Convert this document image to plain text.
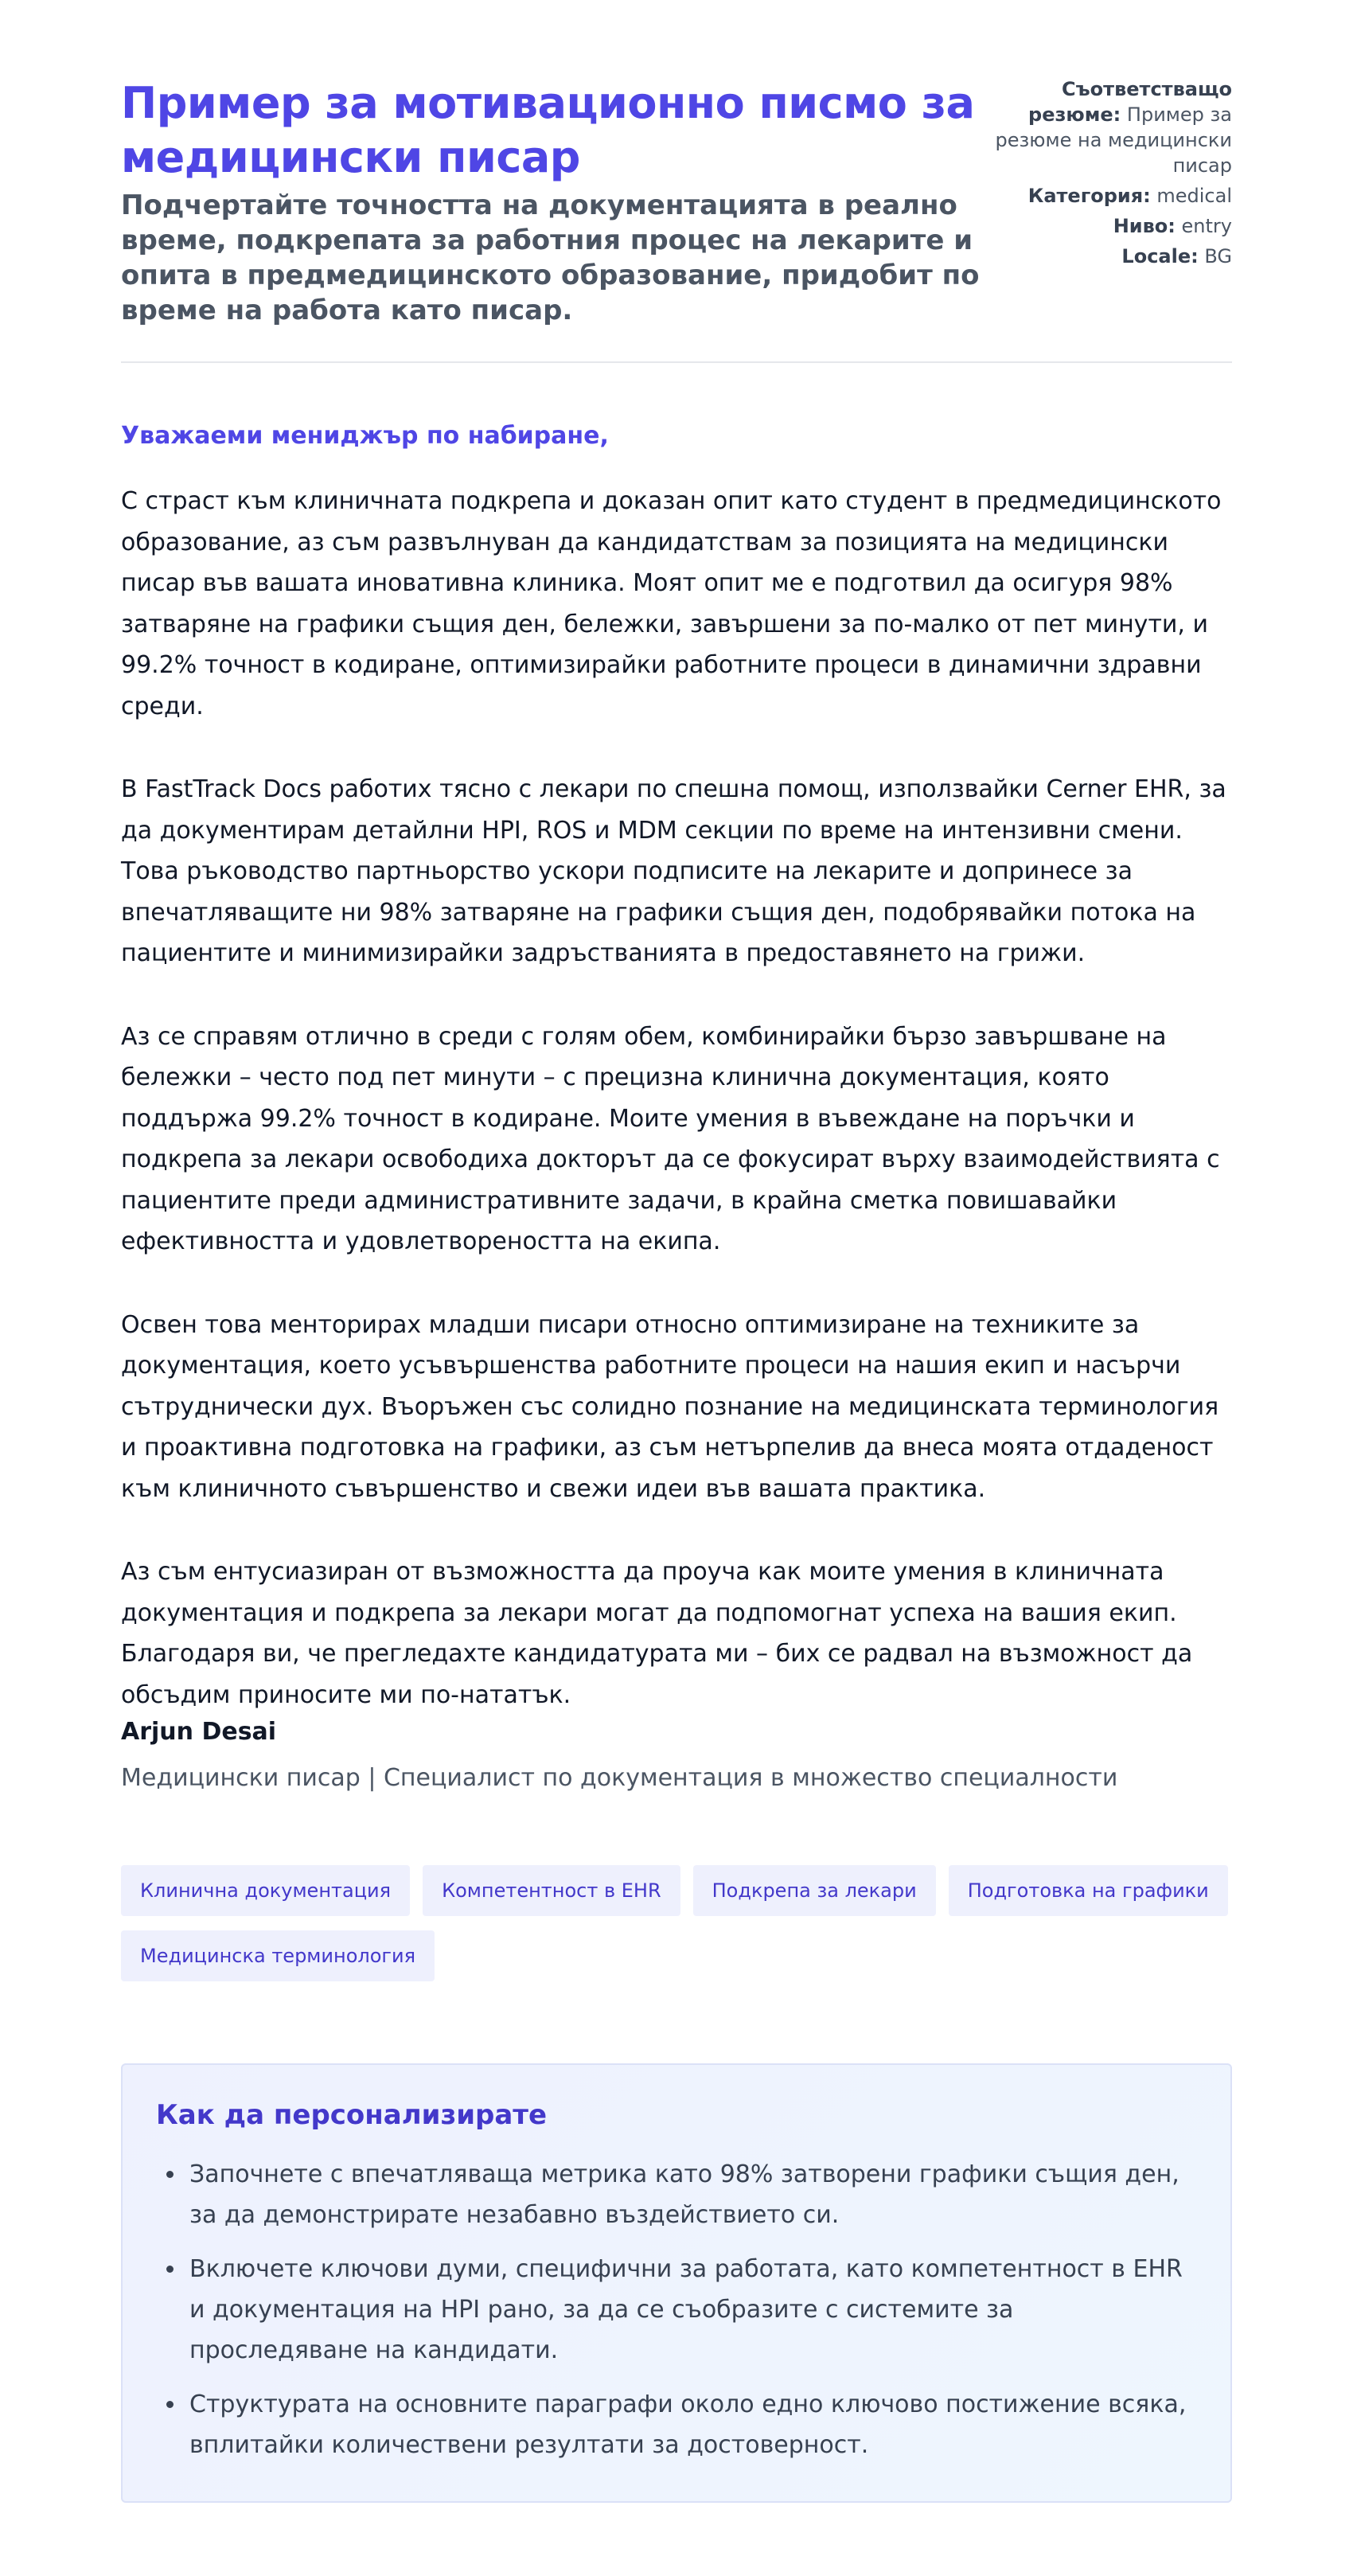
Пример за мотивационно писмо за медицински писар

Подчертайте точността на документацията в реално време, подкрепата за работния процес на лекарите и опита в предмедицинското образование, придобит по време на работа като писар.

Съответстващо резюме: Пример за резюме на медицински писар
Категория: medical
Ниво: entry
Locale: BG

Уважаеми мениджър по набиране,

С страст към клиничната подкрепа и доказан опит като студент в предмедицинското образование, аз съм развълнуван да кандидатствам за позицията на медицински писар във вашата иновативна клиника. Моят опит ме е подготвил да осигуря 98% затваряне на графики същия ден, бележки, завършени за по-малко от пет минути, и 99.2% точност в кодиране, оптимизирайки работните процеси в динамични здравни среди.

В FastTrack Docs работих тясно с лекари по спешна помощ, използвайки Cerner EHR, за да документирам детайлни HPI, ROS и MDM секции по време на интензивни смени. Това ръководство партньорство ускори подписите на лекарите и допринесе за впечатляващите ни 98% затваряне на графики същия ден, подобрявайки потока на пациентите и минимизирайки задръстванията в предоставянето на грижи.

Аз се справям отлично в среди с голям обем, комбинирайки бързо завършване на бележки – често под пет минути – с прецизна клинична документация, която поддържа 99.2% точност в кодиране. Моите умения в въвеждане на поръчки и подкрепа за лекари освободиха докторът да се фокусират върху взаимодействията с пациентите преди административните задачи, в крайна сметка повишавайки ефективността и удовлетвореността на екипа.

Освен това менторирах младши писари относно оптимизиране на техниките за документация, което усъвършенства работните процеси на нашия екип и насърчи сътруднически дух. Въоръжен със солидно познание на медицинската терминология и проактивна подготовка на графики, аз съм нетърпелив да внеса моята отдаденост към клиничното съвършенство и свежи идеи във вашата практика.

Аз съм ентусиазиран от възможността да проуча как моите умения в клиничната документация и подкрепа за лекари могат да подпомогнат успеха на вашия екип. Благодаря ви, че прегледахте кандидатурата ми – бих се радвал на възможност да обсъдим приносите ми по-нататък.

Arjun Desai
Медицински писар | Специалист по документация в множество специалности
Клинична документация	Компетентност в EHR	Подкрепа за лекари	Подготовка на графики
Медицинска терминология
Как да персонализирате
• Започнете с впечатляваща метрика като 98% затворени графики същия ден, за да демонстрирате незабавно въздействието си.
• Включете ключови думи, специфични за работата, като компетентност в EHR и документация на HPI рано, за да се съобразите с системите за проследяване на кандидати.
• Структурата на основните параграфи около едно ключово постижение всяка, вплитайки количествени резултати за достоверност.
